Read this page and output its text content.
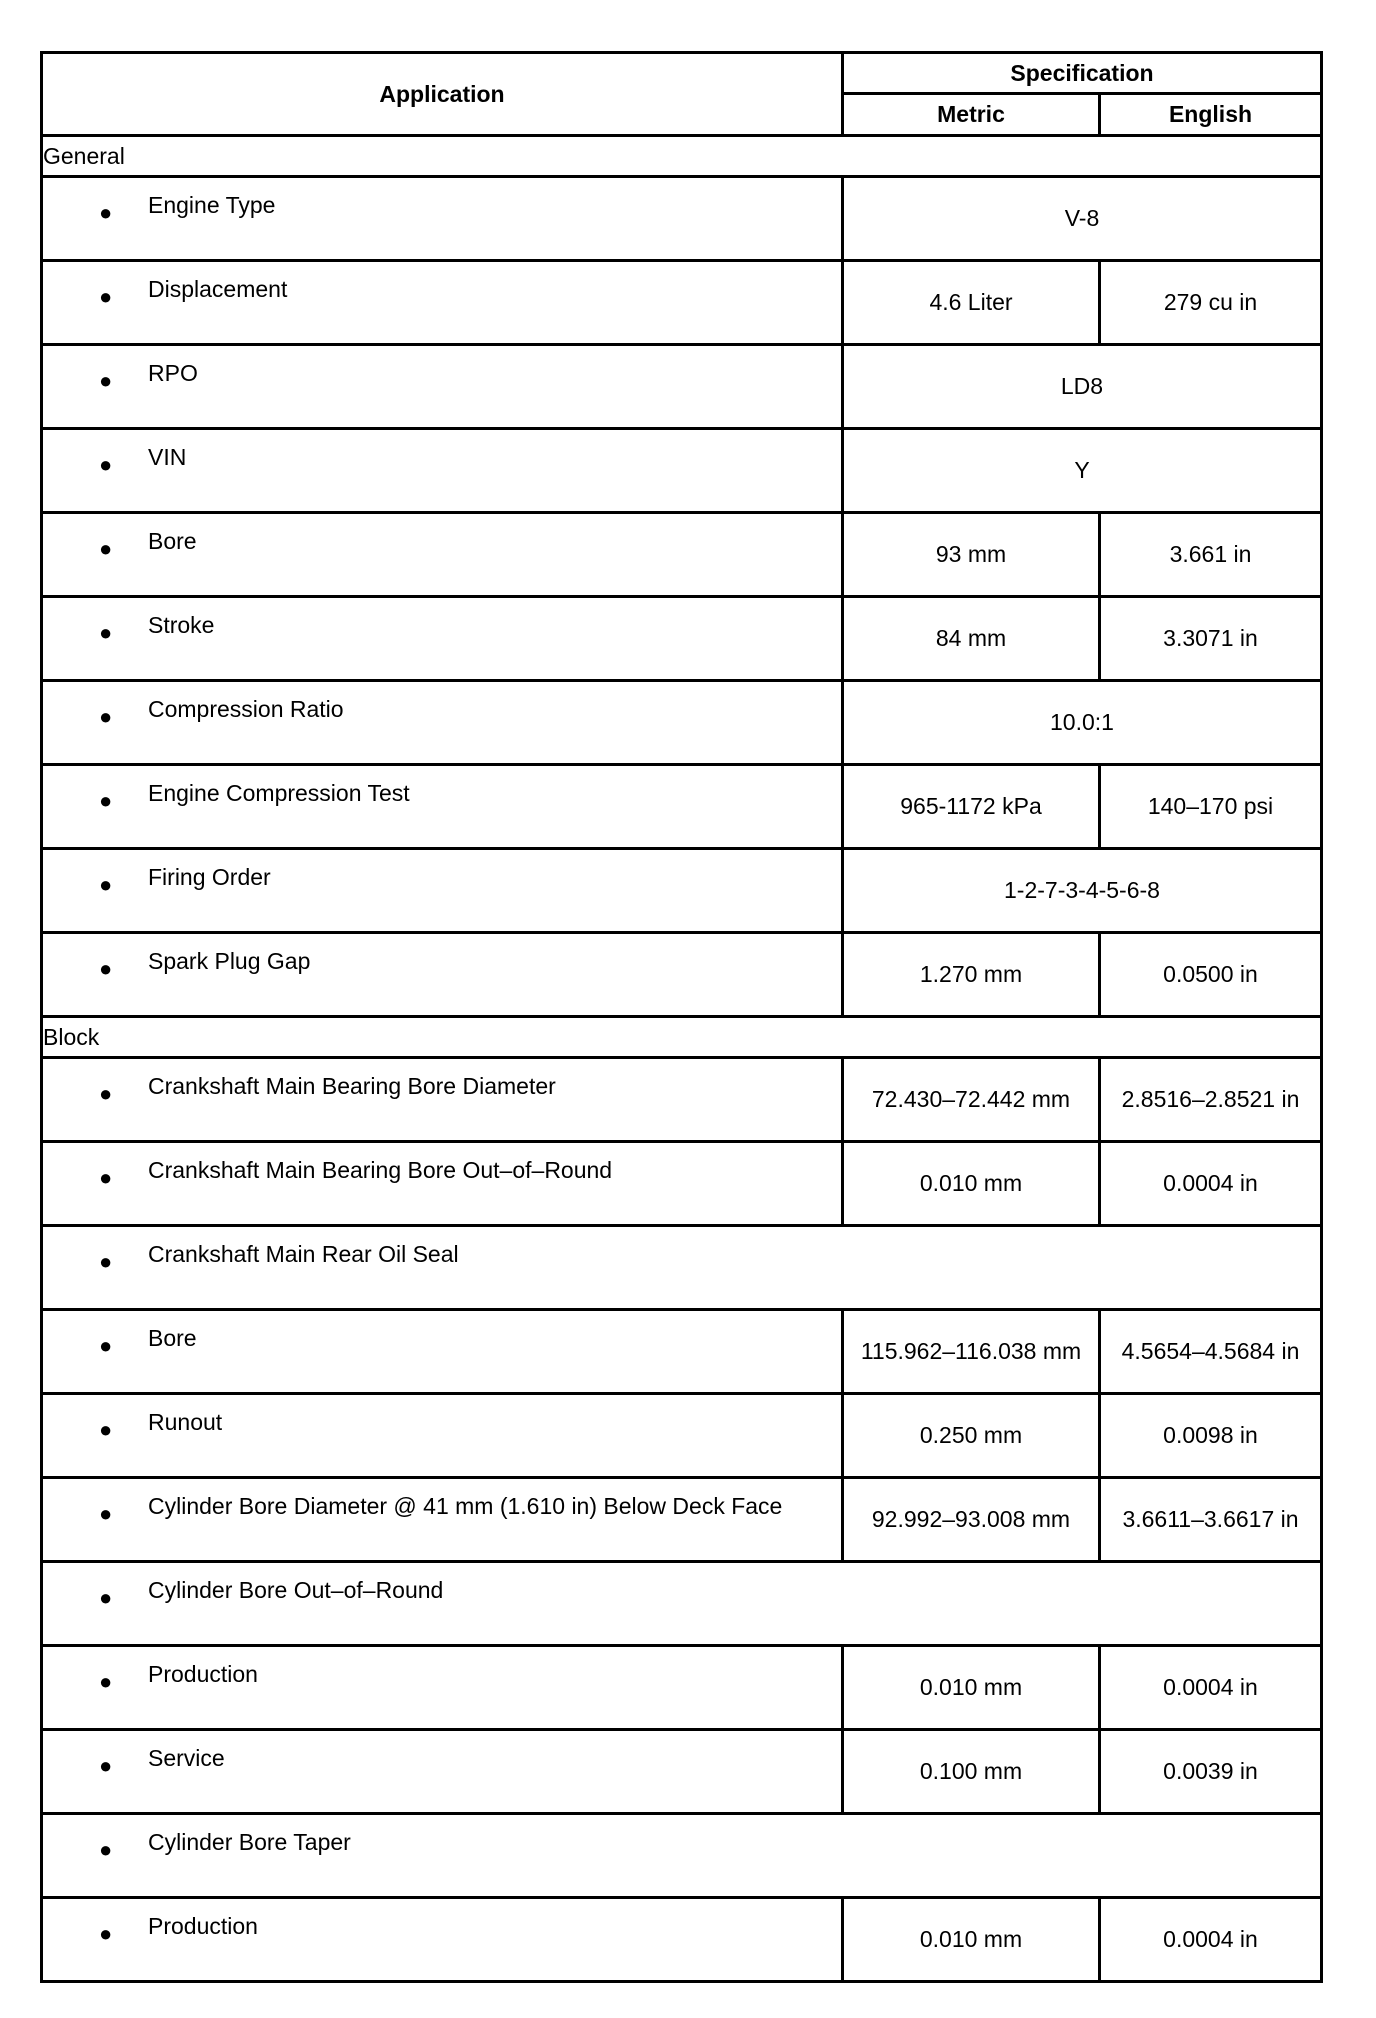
Application	Specification	
	Metric	English
General		

● Engine Type	V-8	

● Displacement	4.6 Liter	279 cu in

● RPO	LD8	

● VIN	Y	

● Bore	93 mm	3.661 in

● Stroke	84 mm	3.3071 in

● Compression Ratio	10.0:1	

● Engine Compression Test	965-1172 kPa	140–170 psi

● Firing Order	1-2-7-3-4-5-6-8	

● Spark Plug Gap	1.270 mm	0.0500 in
Block		

● Crankshaft Main Bearing Bore Diameter	72.430–72.442 mm	2.8516–2.8521 in

● Crankshaft Main Bearing Bore Out–of–Round	0.010 mm	0.0004 in

● Crankshaft Main Rear Oil Seal		

● Bore	115.962–116.038 mm	4.5654–4.5684 in

● Runout	0.250 mm	0.0098 in

● Cylinder Bore Diameter @ 41 mm (1.610 in) Below Deck Face	92.992–93.008 mm	3.6611–3.6617 in

● Cylinder Bore Out–of–Round		

● Production	0.010 mm	0.0004 in

● Service	0.100 mm	0.0039 in

● Cylinder Bore Taper		

● Production	0.010 mm	0.0004 in
